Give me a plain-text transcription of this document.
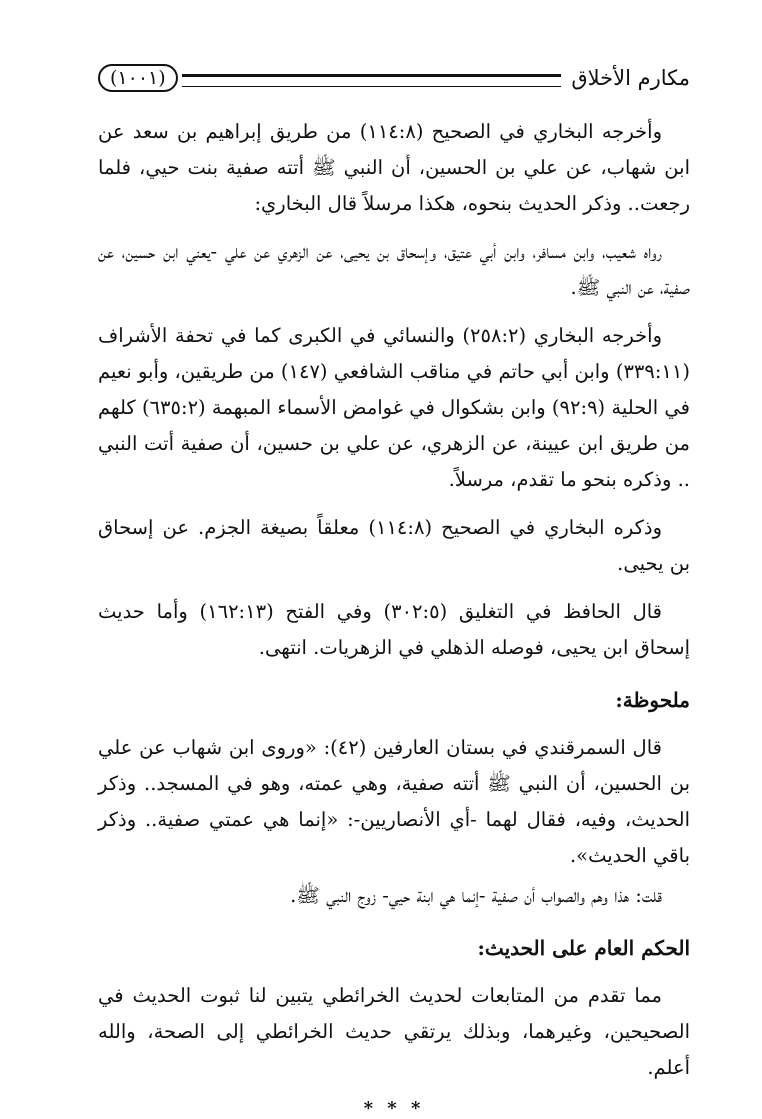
مكارم الأخلاق
(١٠٠١)

وأخرجه البخاري في الصحيح (١١٤:٨) من طريق إبراهيم بن سعد عن ابن شهاب، عن علي بن الحسين، أن النبي ﷺ أتته صفية بنت حيي، فلما رجعت.. وذكر الحديث بنحوه، هكذا مرسلاً قال البخاري:

رواه شعيب، وابن مسافر، وابن أبي عتيق، وإسحاق بن يحيى، عن الزهري عن علي -يعني ابن حسين، عن صفية، عن النبي ﷺ.

وأخرجه البخاري (٢٥٨:٢) والنسائي في الكبرى كما في تحفة الأشراف (٣٣٩:١١) وابن أبي حاتم في مناقب الشافعي (١٤٧) من طريقين، وأبو نعيم في الحلية (٩٢:٩) وابن بشكوال في غوامض الأسماء المبهمة (٦٣٥:٢) كلهم من طريق ابن عيينة، عن الزهري، عن علي بن حسين، أن صفية أتت النبي .. وذكره بنحو ما تقدم، مرسلاً.

وذكره البخاري في الصحيح (١١٤:٨) معلقاً بصيغة الجزم. عن إسحاق بن يحيى.

قال الحافظ في التغليق (٣٠٢:٥) وفي الفتح (١٦٢:١٣) وأما حديث إسحاق ابن يحيى، فوصله الذهلي في الزهريات. انتهى.

ملحوظة:

قال السمرقندي في بستان العارفين (٤٢): «وروى ابن شهاب عن علي بن الحسين، أن النبي ﷺ أتته صفية، وهي عمته، وهو في المسجد.. وذكر الحديث، وفيه، فقال لهما -أي الأنصاريين-: «إنما هي عمتي صفية.. وذكر باقي الحديث».

قلت: هذا وهم والصواب أن صفية -إنما هي ابنة حيي- زوج النبي ﷺ.

الحكم العام على الحديث:

مما تقدم من المتابعات لحديث الخرائطي يتبين لنا ثبوت الحديث في الصحيحين، وغيرهما، وبذلك يرتقي حديث الخرائطي إلى الصحة، والله أعلم.

* * *
